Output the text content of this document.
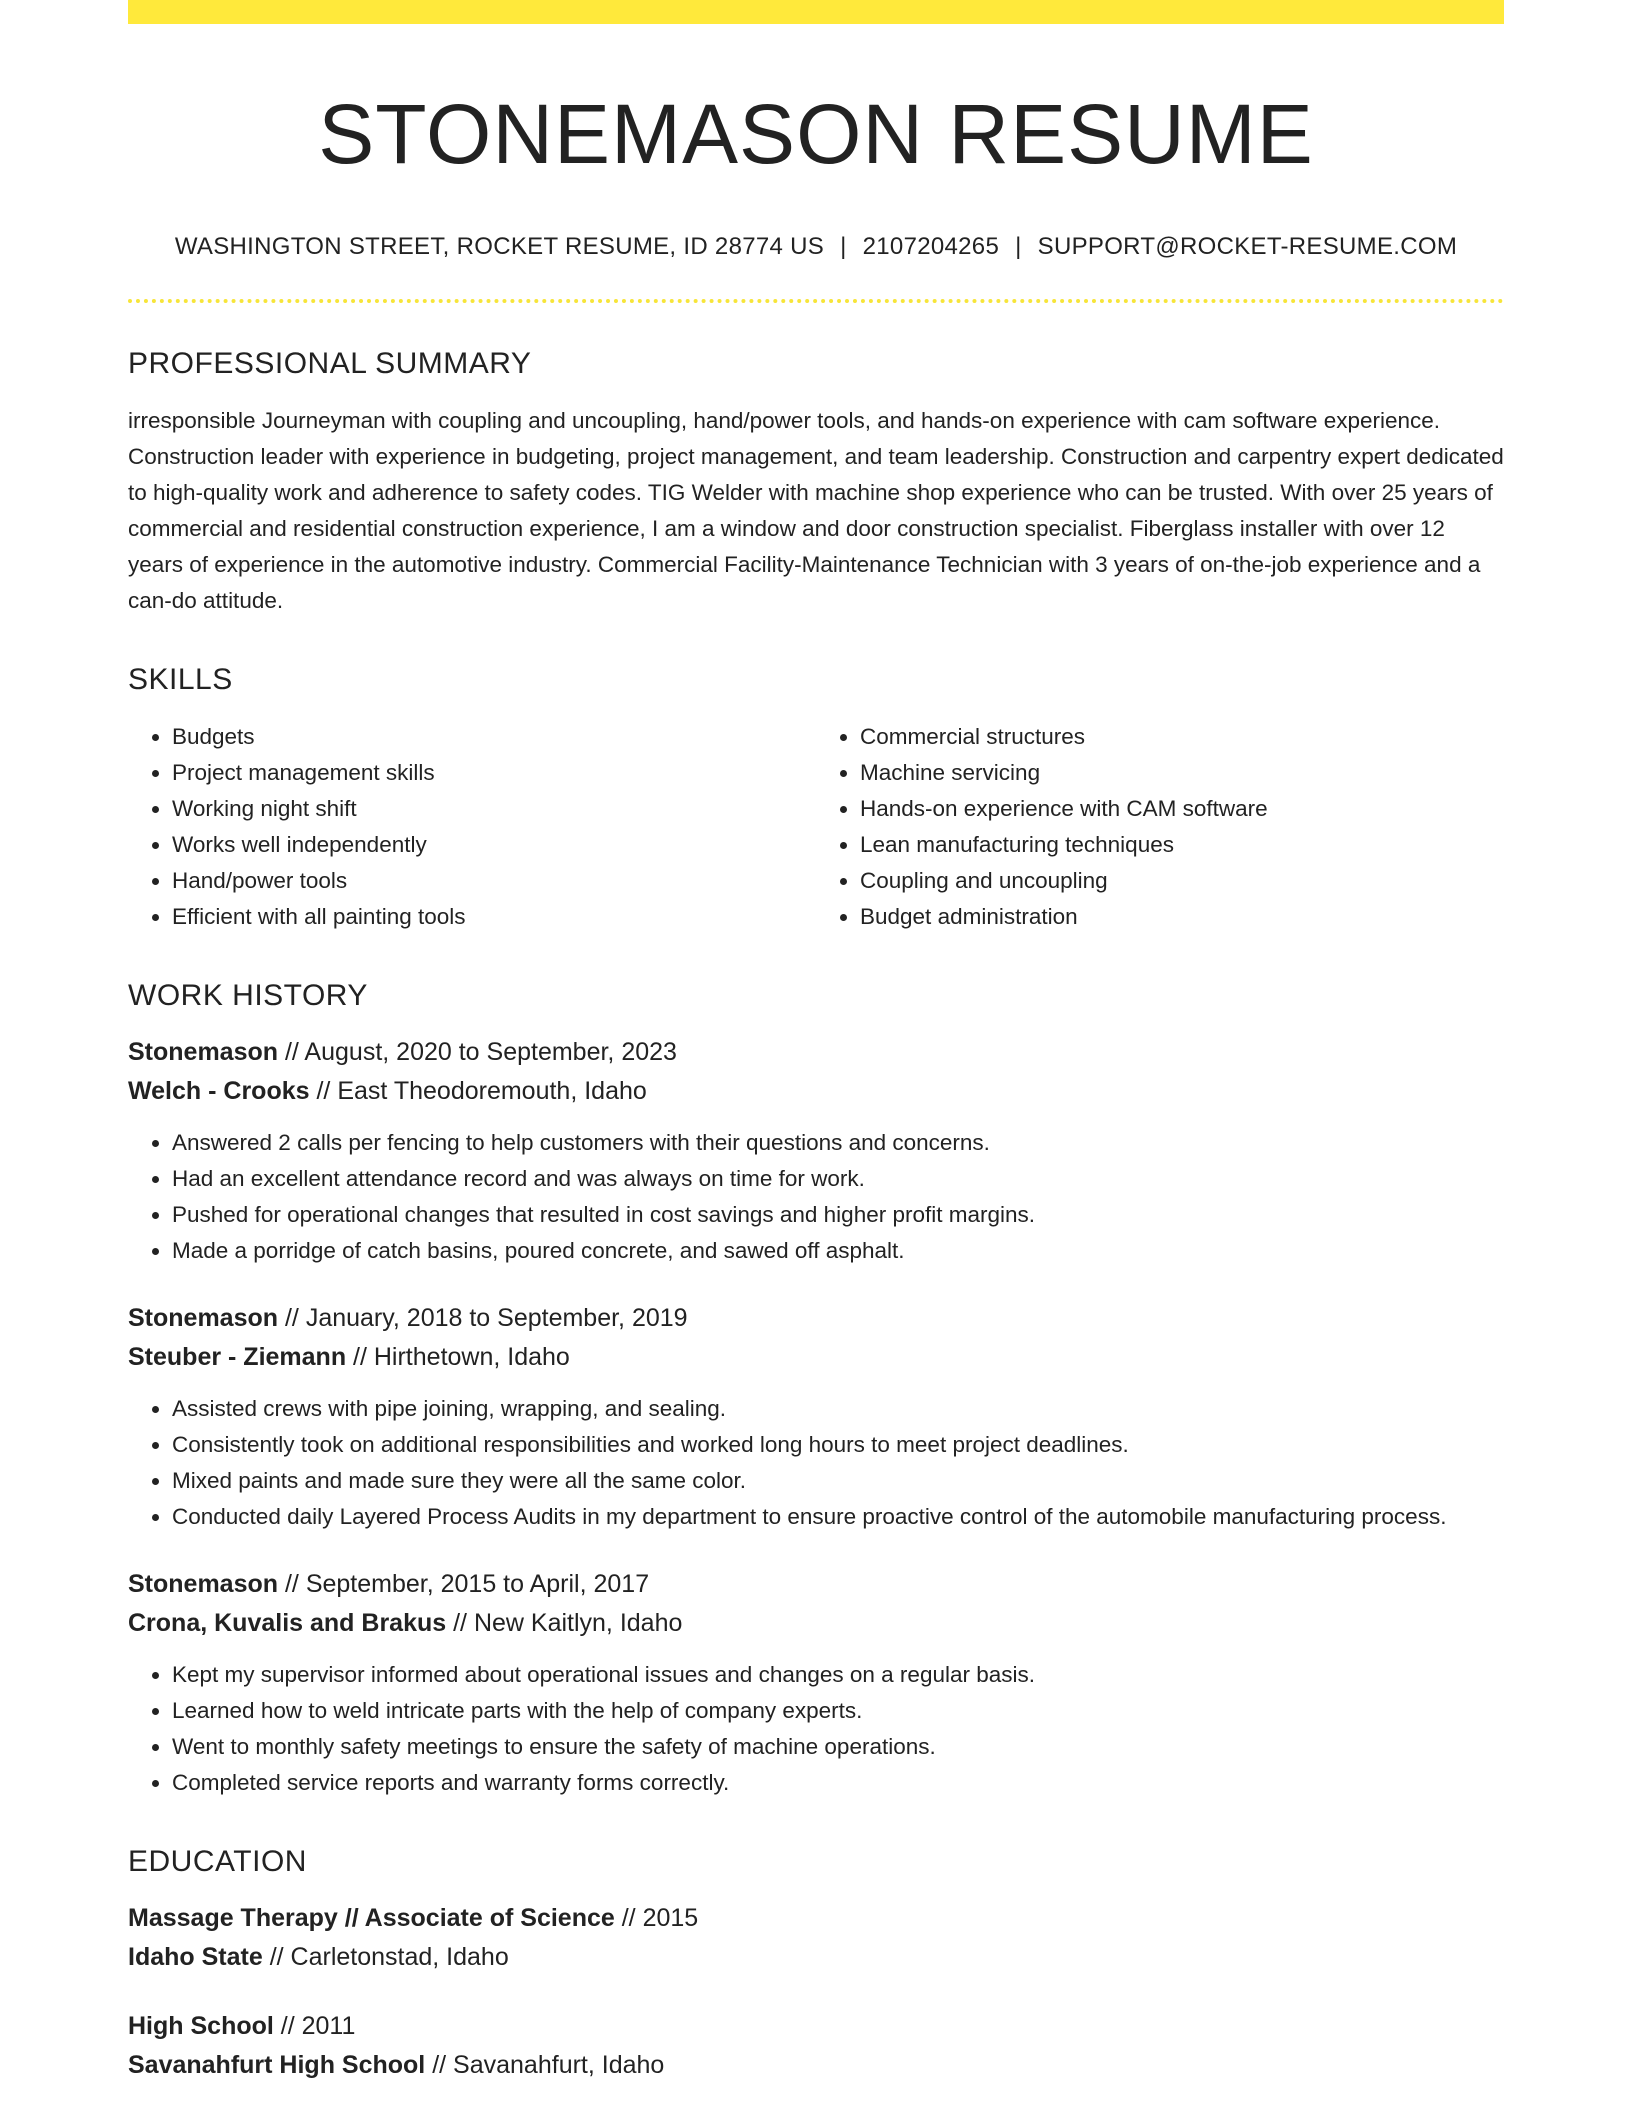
STONEMASON RESUME
WASHINGTON STREET, ROCKET RESUME, ID 28774 US | 2107204265 | SUPPORT@ROCKET-RESUME.COM
PROFESSIONAL SUMMARY
irresponsible Journeyman with coupling and uncoupling, hand/power tools, and hands-on experience with cam software experience. Construction leader with experience in budgeting, project management, and team leadership. Construction and carpentry expert dedicated to high-quality work and adherence to safety codes. TIG Welder with machine shop experience who can be trusted. With over 25 years of commercial and residential construction experience, I am a window and door construction specialist. Fiberglass installer with over 12 years of experience in the automotive industry. Commercial Facility-Maintenance Technician with 3 years of on-the-job experience and a can-do attitude.
SKILLS
• Budgets
• Project management skills
• Working night shift
• Works well independently
• Hand/power tools
• Efficient with all painting tools
• Commercial structures
• Machine servicing
• Hands-on experience with CAM software
• Lean manufacturing techniques
• Coupling and uncoupling
• Budget administration
WORK HISTORY
Stonemason // August, 2020 to September, 2023
Welch - Crooks // East Theodoremouth, Idaho
• Answered 2 calls per fencing to help customers with their questions and concerns.
• Had an excellent attendance record and was always on time for work.
• Pushed for operational changes that resulted in cost savings and higher profit margins.
• Made a porridge of catch basins, poured concrete, and sawed off asphalt.
Stonemason // January, 2018 to September, 2019
Steuber - Ziemann // Hirthetown, Idaho
• Assisted crews with pipe joining, wrapping, and sealing.
• Consistently took on additional responsibilities and worked long hours to meet project deadlines.
• Mixed paints and made sure they were all the same color.
• Conducted daily Layered Process Audits in my department to ensure proactive control of the automobile manufacturing process.
Stonemason // September, 2015 to April, 2017
Crona, Kuvalis and Brakus // New Kaitlyn, Idaho
• Kept my supervisor informed about operational issues and changes on a regular basis.
• Learned how to weld intricate parts with the help of company experts.
• Went to monthly safety meetings to ensure the safety of machine operations.
• Completed service reports and warranty forms correctly.
EDUCATION
Massage Therapy // Associate of Science // 2015
Idaho State // Carletonstad, Idaho
High School // 2011
Savanahfurt High School // Savanahfurt, Idaho
